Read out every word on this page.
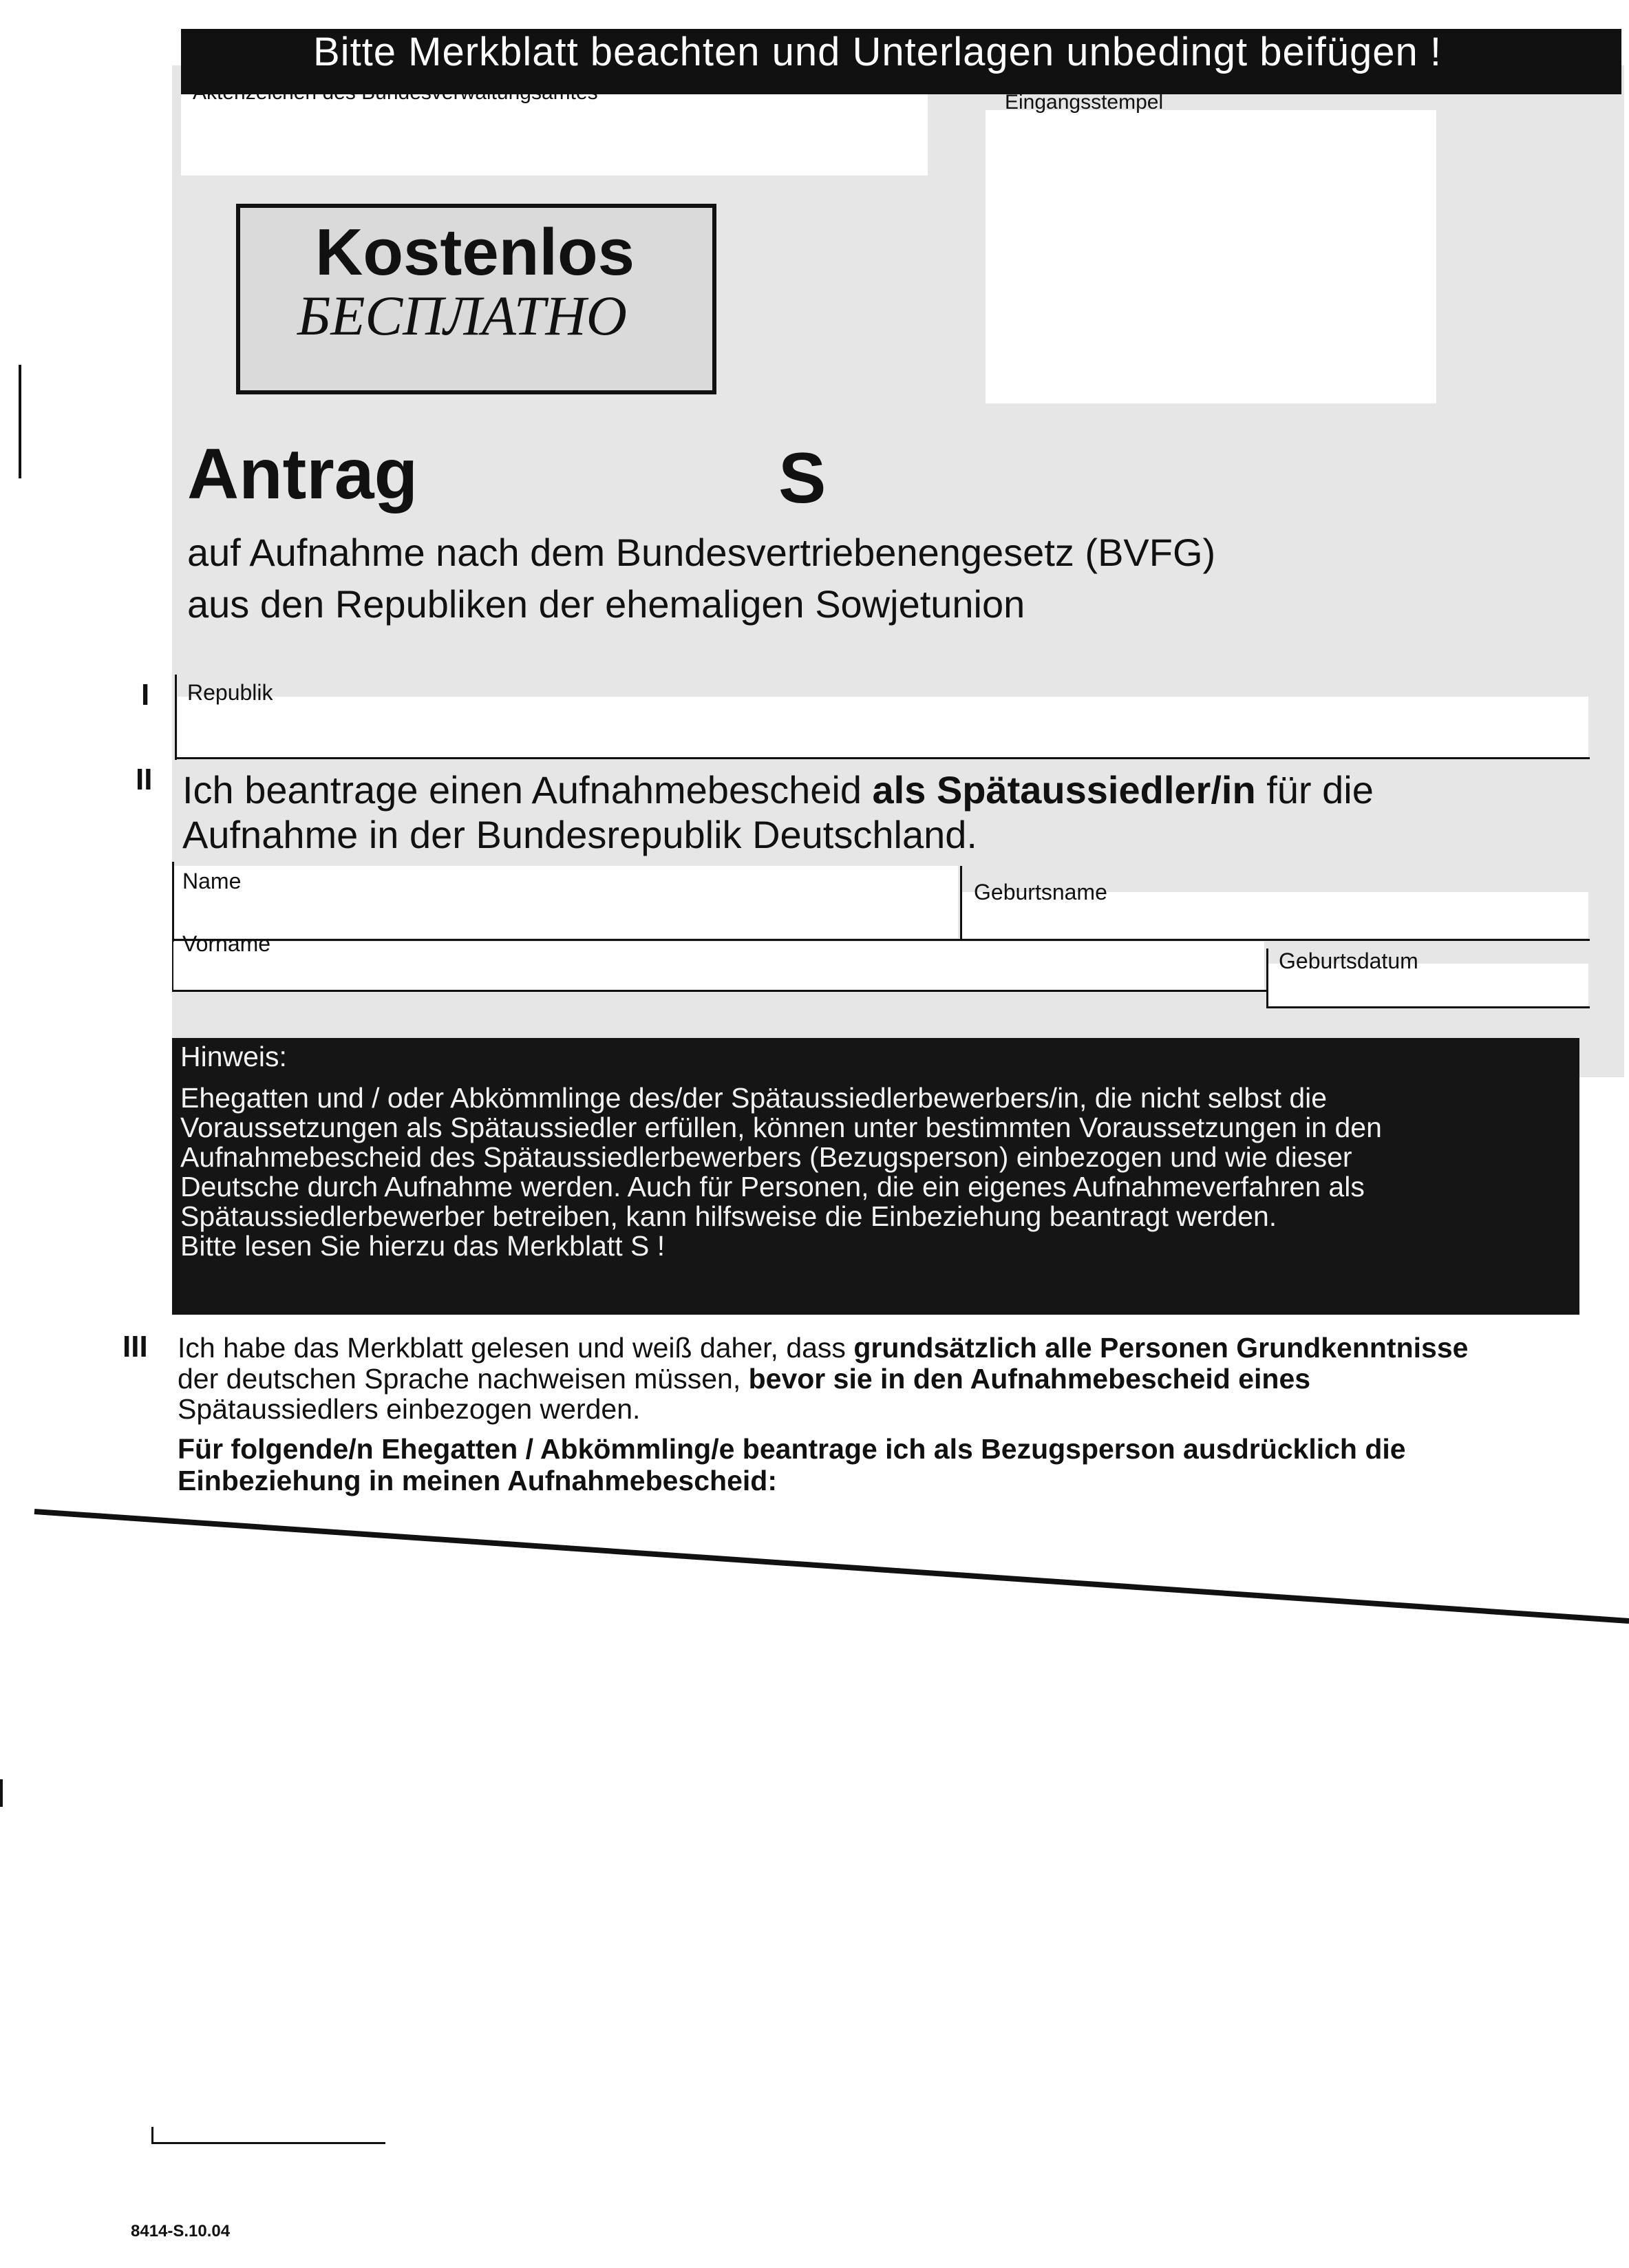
Bitte Merkblatt beachten und Unterlagen unbedingt beifügen !
Aktenzeichen des Bundesverwaltungsamtes	Eingangsstempel
Kostenlos
БЕСПЛАТНО
Antrag	S
auf Aufnahme nach dem Bundesvertriebenengesetz (BVFG)
aus den Republiken der ehemaligen Sowjetunion
I Republik
II Ich beantrage einen Aufnahmebescheid als Spätaussiedler/in für die
Aufnahme in der Bundesrepublik Deutschland.
Name	Geburtsname
Vorname
Geburtsdatum
Hinweis:
Ehegatten und / oder Abkömmlinge des/der Spätaussiedlerbewerbers/in, die nicht selbst die
Voraussetzungen als Spätaussiedler erfüllen, können unter bestimmten Voraussetzungen in den
Aufnahmebescheid des Spätaussiedlerbewerbers (Bezugsperson) einbezogen und wie dieser
Deutsche durch Aufnahme werden. Auch für Personen, die ein eigenes Aufnahmeverfahren als
Spätaussiedlerbewerber betreiben, kann hilfsweise die Einbeziehung beantragt werden.
Bitte lesen Sie hierzu das Merkblatt S !
III Ich habe das Merkblatt gelesen und weiß daher, dass grundsätzlich alle Personen Grundkenntnisse
der deutschen Sprache nachweisen müssen, bevor sie in den Aufnahmebescheid eines
Spätaussiedlers einbezogen werden.
Für folgende/n Ehegatten / Abkömmling/e beantrage ich als Bezugsperson ausdrücklich die
Einbeziehung in meinen Aufnahmebescheid:
8414-S.10.04
